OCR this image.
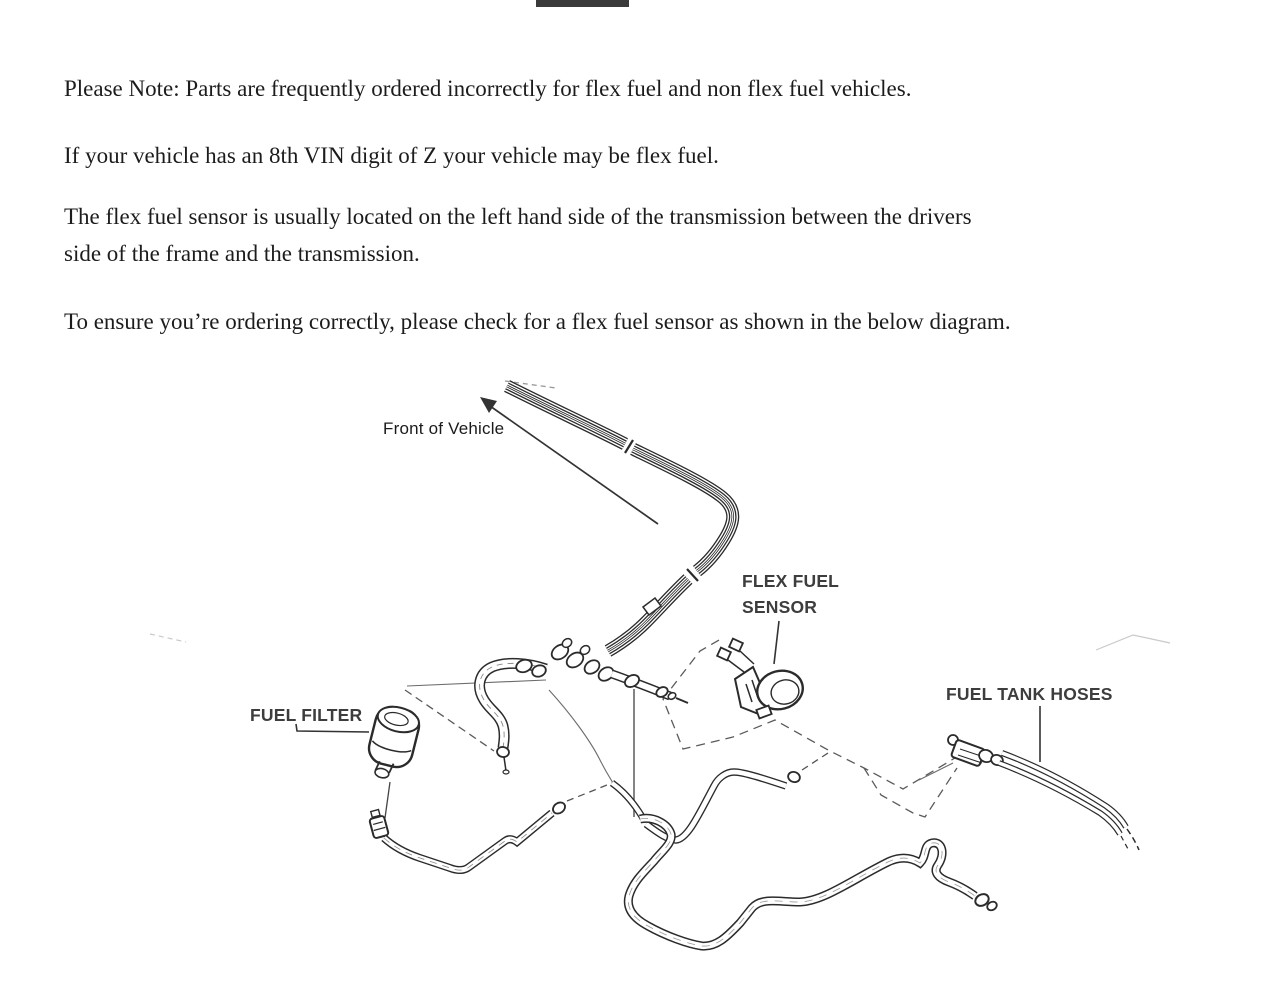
Please Note: Parts are frequently ordered incorrectly for flex fuel and non flex fuel vehicles.
If your vehicle has an 8th VIN digit of Z your vehicle may be flex fuel.
The flex fuel sensor is usually located on the left hand side of the transmission between the drivers
side of the frame and the transmission.
To ensure you’re ordering correctly, please check for a flex fuel sensor as shown in the below diagram.
Front of Vehicle
FLEX FUEL
SENSOR
FUEL FILTER
FUEL TANK HOSES
